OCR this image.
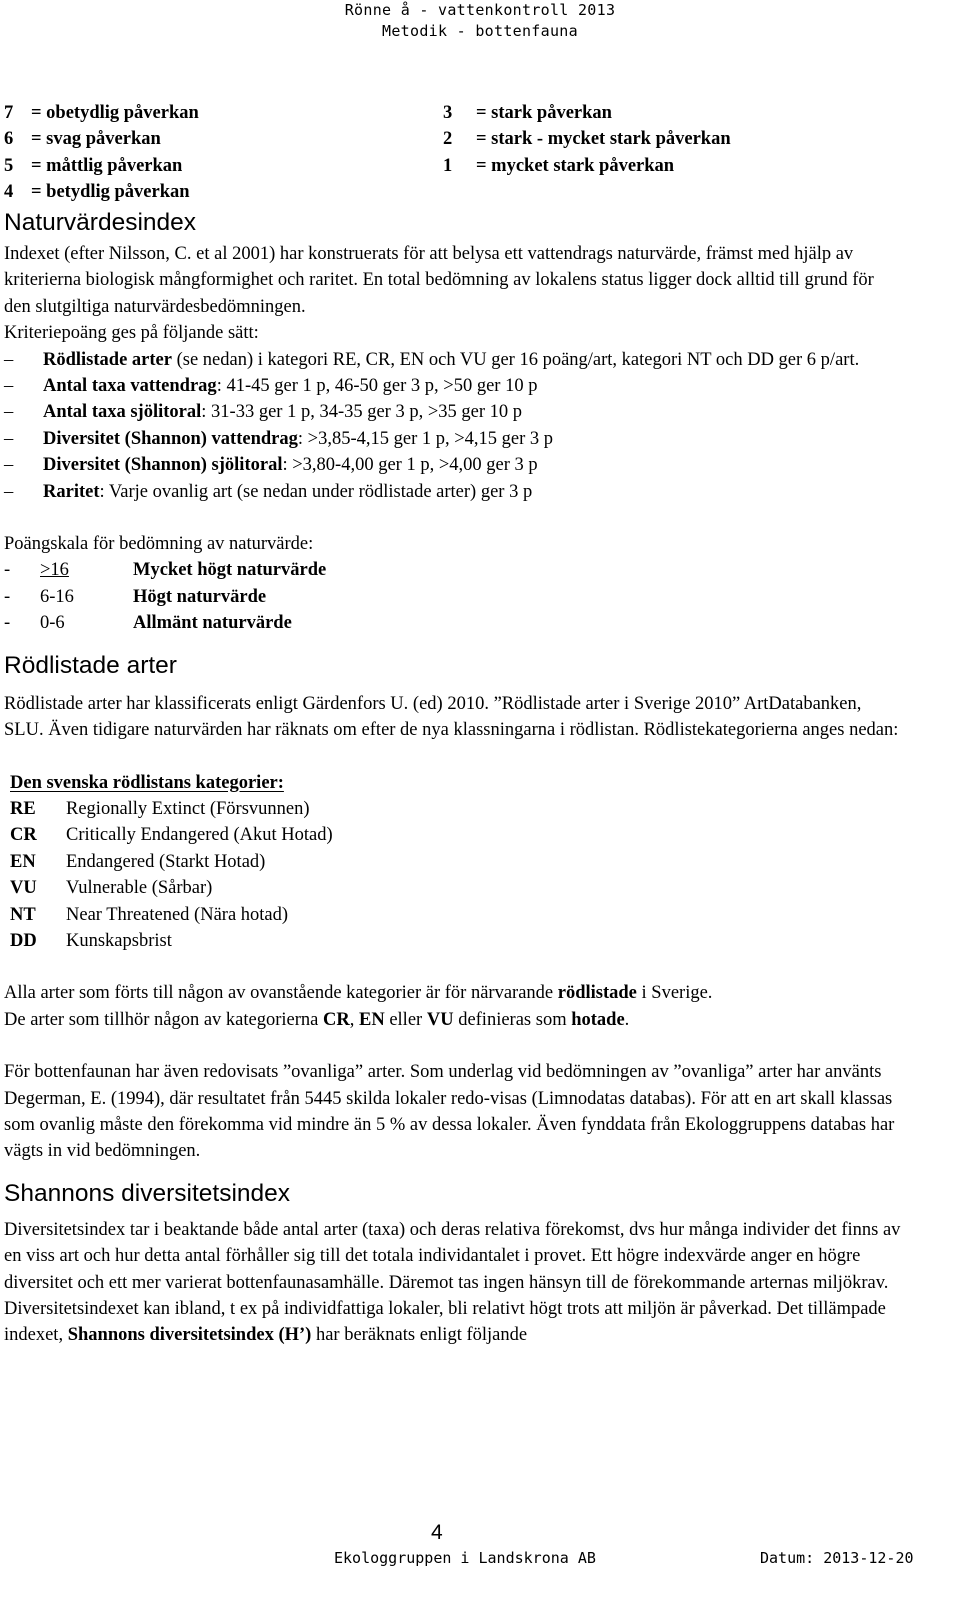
Rönne å - vattenkontroll 2013
Metodik - bottenfauna
7 = obetydlig påverkan
6 = svag påverkan
5 = måttlig påverkan
4 = betydlig påverkan
3	= stark påverkan
2	= stark - mycket stark påverkan
1	= mycket stark påverkan
Naturvärdesindex

Indexet (efter Nilsson, C. et al 2001) har konstruerats för att belysa ett vattendrags naturvärde, främst med hjälp av kriterierna biologisk mångformighet och raritet. En total bedömning av lokalens status ligger dock alltid till grund för den slutgiltiga naturvärdesbedömningen.

Kriteriepoäng ges på följande sätt:

–	Rödlistade arter (se nedan) i kategori RE, CR, EN och VU ger 16 poäng/art, kategori NT och DD ger 6 p/art.
–	Antal taxa vattendrag: 41-45 ger 1 p, 46-50 ger 3 p, >50 ger 10 p
–	Antal taxa sjölitoral: 31-33 ger 1 p, 34-35 ger 3 p, >35 ger 10 p
–	Diversitet (Shannon) vattendrag: >3,85-4,15 ger 1 p, >4,15 ger 3 p
–	Diversitet (Shannon) sjölitoral: >3,80-4,00 ger 1 p, >4,00 ger 3 p
–	Raritet: Varje ovanlig art (se nedan under rödlistade arter) ger 3 p

Poängskala för bedömning av naturvärde:

-	>16	Mycket högt naturvärde
-	6-16	Högt naturvärde
-	0-6	Allmänt naturvärde
Rödlistade arter

Rödlistade arter har klassificerats enligt Gärdenfors U. (ed) 2010. ”Rödlistade arter i Sverige 2010” ArtDatabanken, SLU. Även tidigare naturvärden har räknats om efter de nya klassningarna i rödlistan. Rödlistekategorierna anges nedan:

Den svenska rödlistans kategorier:
RE	Regionally Extinct (Försvunnen)
CR	Critically Endangered (Akut Hotad)
EN	Endangered (Starkt Hotad)
VU	Vulnerable (Sårbar)
NT	Near Threatened (Nära hotad)
DD	Kunskapsbrist

Alla arter som förts till någon av ovanstående kategorier är för närvarande rödlistade i Sverige.

De arter som tillhör någon av kategorierna CR, EN eller VU definieras som hotade.

För bottenfaunan har även redovisats ”ovanliga” arter. Som underlag vid bedömningen av ”ovanliga” arter har använts Degerman, E. (1994), där resultatet från 5445 skilda lokaler redo-visas (Limnodatas databas). För att en art skall klassas som ovanlig måste den förekomma vid mindre än 5 % av dessa lokaler. Även fynddata från Ekologgruppens databas har vägts in vid bedömningen.

Shannons diversitetsindex

Diversitetsindex tar i beaktande både antal arter (taxa) och deras relativa förekomst, dvs hur många individer det finns av en viss art och hur detta antal förhåller sig till det totala individantalet i provet. Ett högre indexvärde anger en högre diversitet och ett mer varierat bottenfaunasamhälle. Däremot tas ingen hänsyn till de förekommande arternas miljökrav. Diversitetsindexet kan ibland, t ex på individfattiga lokaler, bli relativt högt trots att miljön är påverkad. Det tillämpade indexet, Shannons diversitetsindex (H’) har beräknats enligt följande

4
Ekologgruppen i Landskrona AB	Datum: 2013-12-20
